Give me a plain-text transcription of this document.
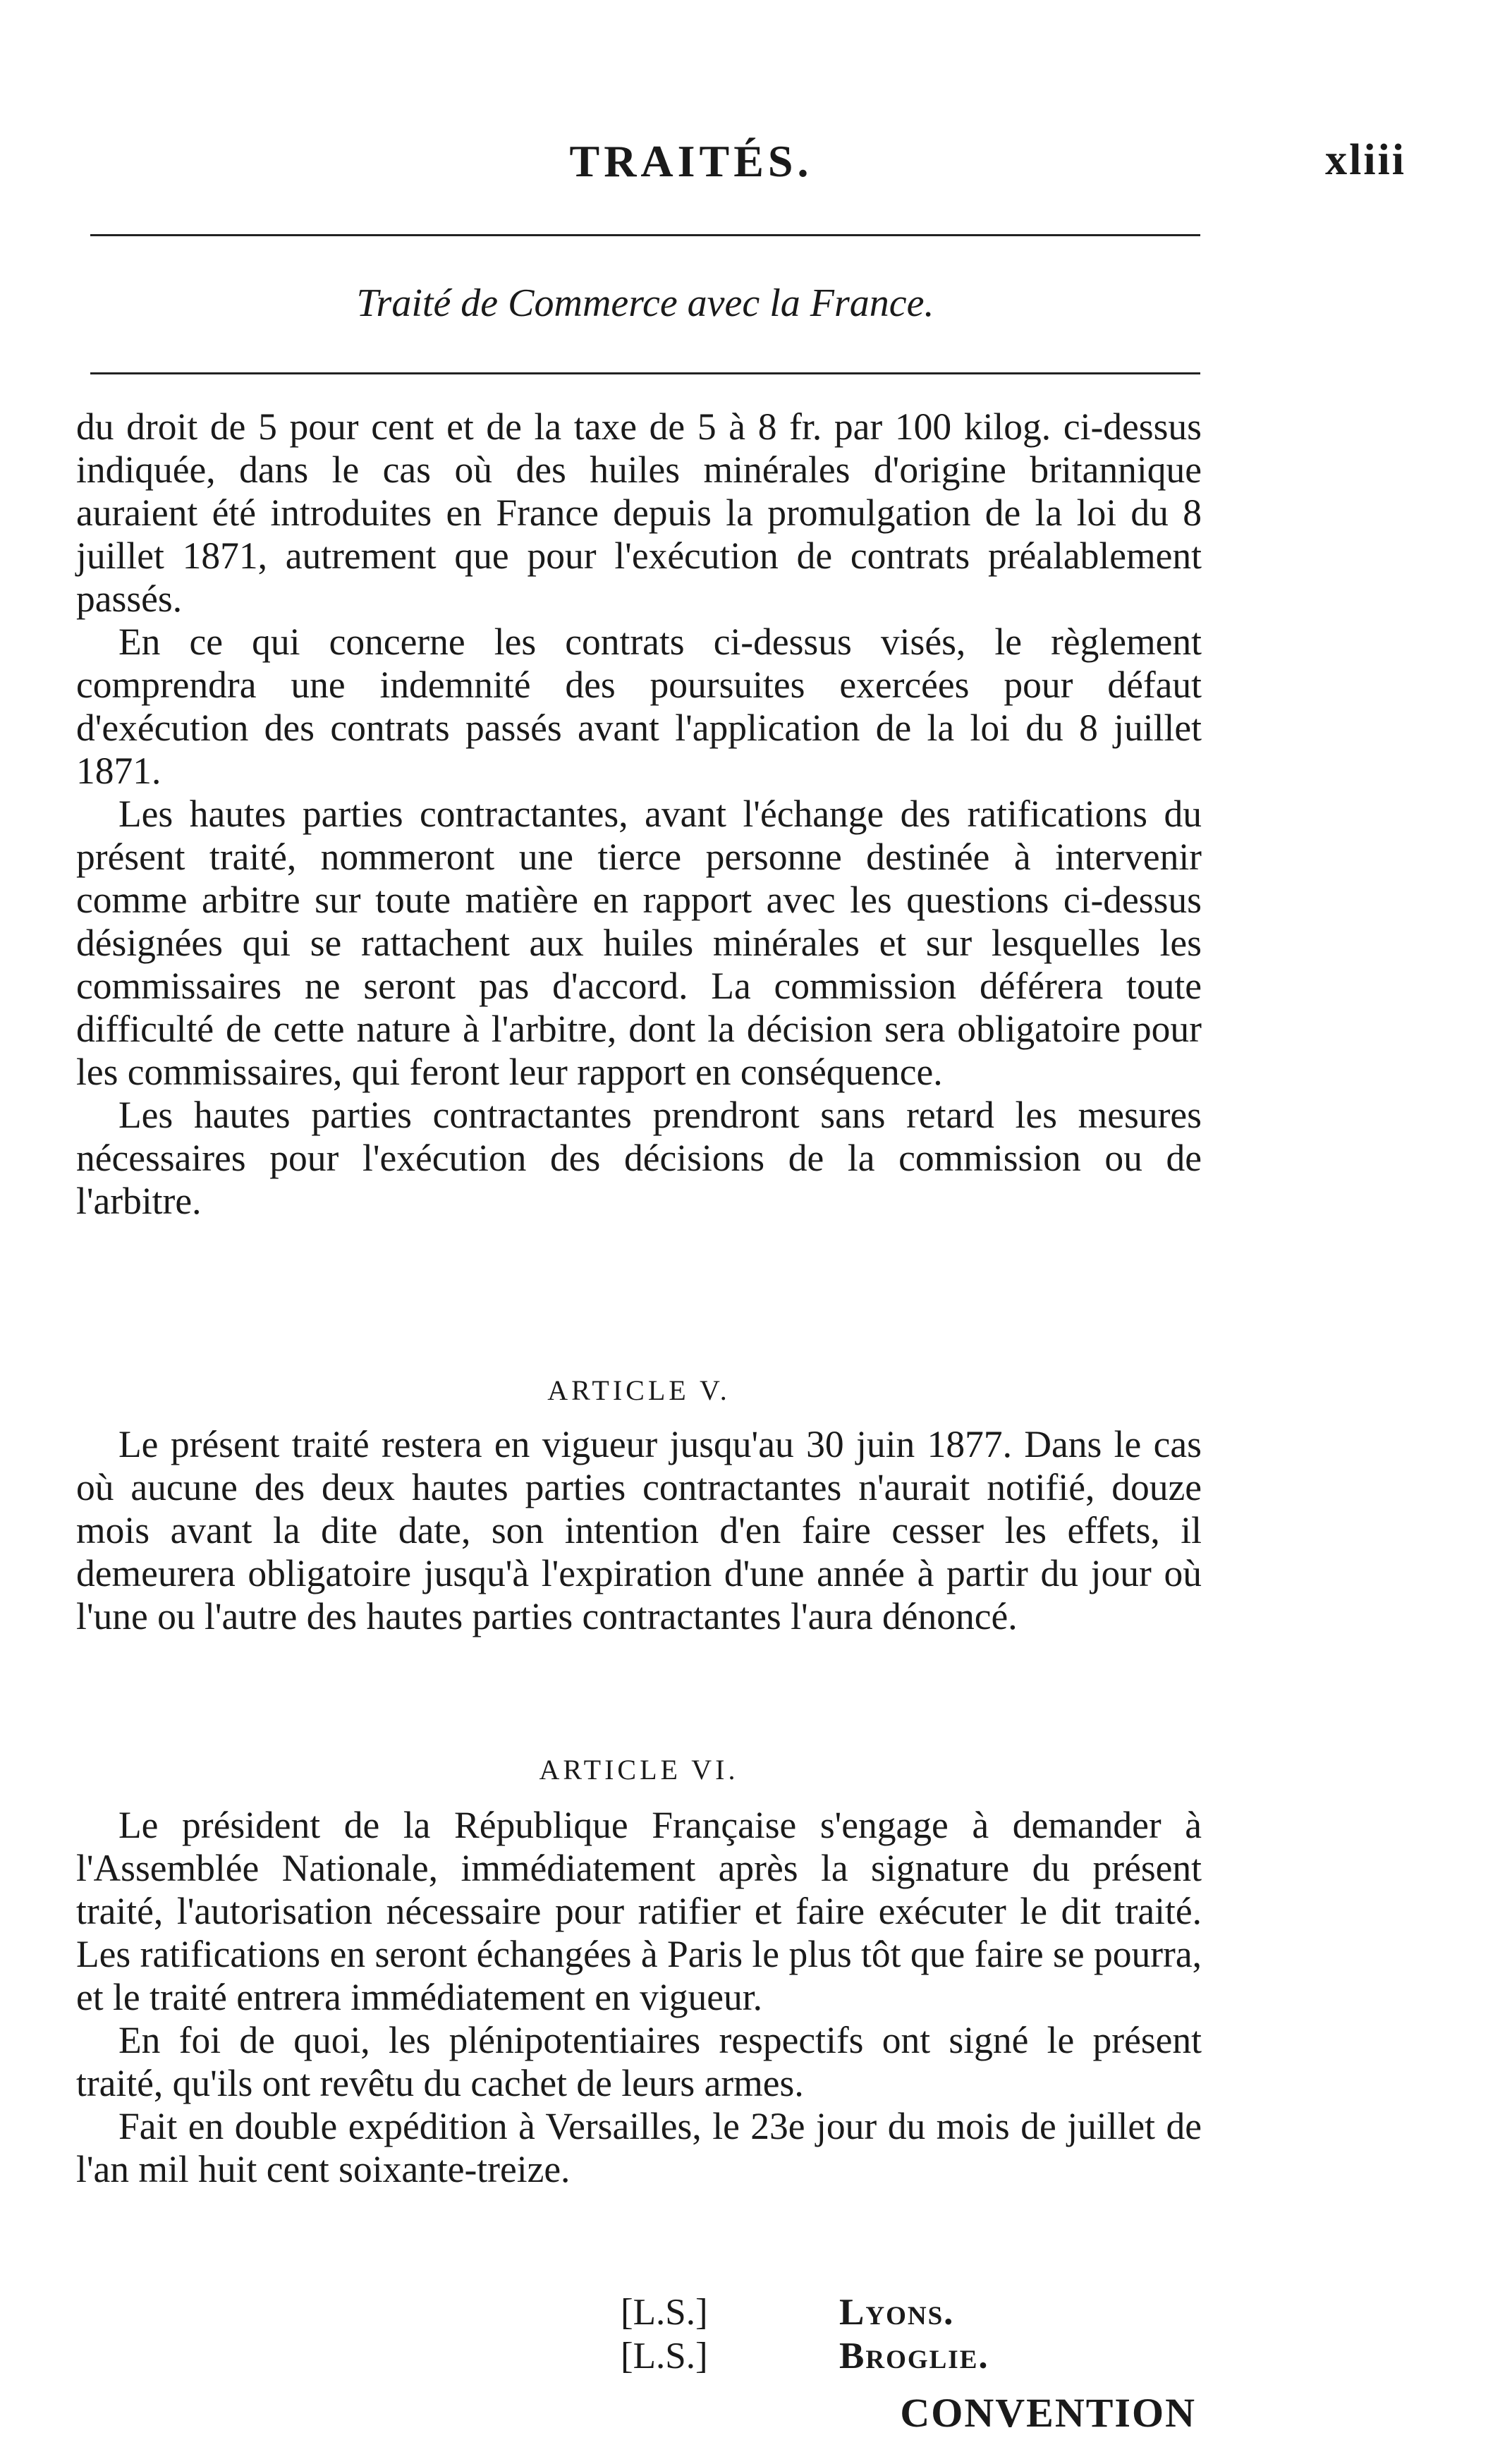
TRAITÉS.	xliii
Traité de Commerce avec la France.

du droit de 5 pour cent et de la taxe de 5 à 8 fr. par 100 kilog. ci-dessus indiquée, dans le cas où des huiles minérales d'origine britannique auraient été introduites en France depuis la promulgation de la loi du 8 juillet 1871, autrement que pour l'exécution de contrats préalablement passés.

En ce qui concerne les contrats ci-dessus visés, le règlement comprendra une indemnité des poursuites exercées pour défaut d'exécution des contrats passés avant l'application de la loi du 8 juillet 1871.

Les hautes parties contractantes, avant l'échange des ratifications du présent traité, nommeront une tierce personne destinée à intervenir comme arbitre sur toute matière en rapport avec les questions ci-dessus désignées qui se rattachent aux huiles minérales et sur lesquelles les commissaires ne seront pas d'accord. La commission déférera toute difficulté de cette nature à l'arbitre, dont la décision sera obligatoire pour les commissaires, qui feront leur rapport en conséquence.

Les hautes parties contractantes prendront sans retard les mesures nécessaires pour l'exécution des décisions de la commission ou de l'arbitre.

ARTICLE V.

Le présent traité restera en vigueur jusqu'au 30 juin 1877. Dans le cas où aucune des deux hautes parties contractantes n'aurait notifié, douze mois avant la dite date, son intention d'en faire cesser les effets, il demeurera obligatoire jusqu'à l'expiration d'une année à partir du jour où l'une ou l'autre des hautes parties contractantes l'aura dénoncé.

ARTICLE VI.

Le président de la République Française s'engage à demander à l'Assemblée Nationale, immédiatement après la signature du présent traité, l'autorisation nécessaire pour ratifier et faire exécuter le dit traité. Les ratifications en seront échangées à Paris le plus tôt que faire se pourra, et le traité entrera immédiatement en vigueur.

En foi de quoi, les plénipotentiaires respectifs ont signé le présent traité, qu'ils ont revêtu du cachet de leurs armes.

Fait en double expédition à Versailles, le 23e jour du mois de juillet de l'an mil huit cent soixante-treize.

[L.S.]	Lyons.
[L.S.]	Broglie.
CONVENTION
